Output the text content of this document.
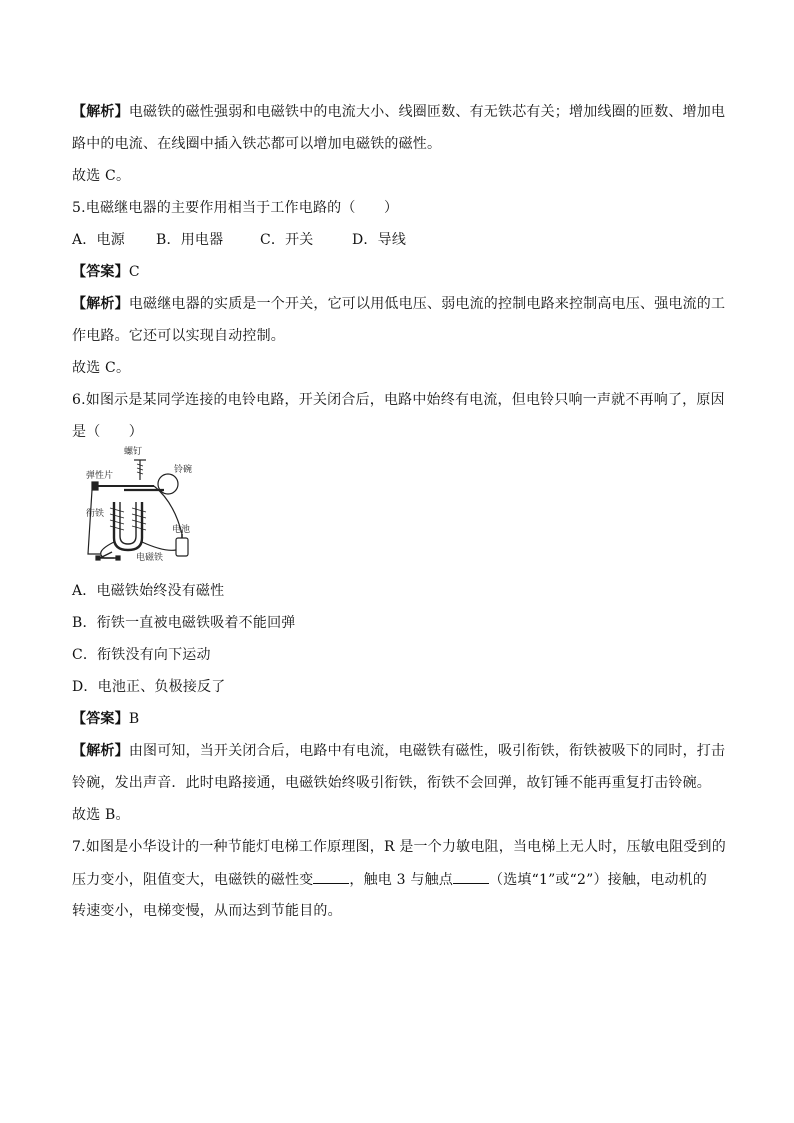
【解析】电磁铁的磁性强弱和电磁铁中的电流大小、线圈匝数、有无铁芯有关；增加线圈的匝数、增加电
路中的电流、在线圈中插入铁芯都可以增加电磁铁的磁性。
故选 C。
5.电磁继电器的主要作用相当于工作电路的（　　）
A．电源 B．用电器	C．开关	D．导线
【答案】C
【解析】电磁继电器的实质是一个开关，它可以用低电压、弱电流的控制电路来控制高电压、强电流的工
作电路。它还可以实现自动控制。
故选 C。
6.如图示是某同学连接的电铃电路，开关闭合后，电路中始终有电流，但电铃只响一声就不再响了，原因
是（　　）
螺钉
弹性片
铃碗
衔铁
电池
电磁铁
A．电磁铁始终没有磁性
B．衔铁一直被电磁铁吸着不能回弹
C．衔铁没有向下运动
D．电池正、负极接反了
【答案】B
【解析】由图可知，当开关闭合后，电路中有电流，电磁铁有磁性，吸引衔铁，衔铁被吸下的同时，打击
铃碗，发出声音．此时电路接通，电磁铁始终吸引衔铁，衔铁不会回弹，故钉锤不能再重复打击铃碗。
故选 B。
7.如图是小华设计的一种节能灯电梯工作原理图，R 是一个力敏电阻，当电梯上无人时，压敏电阻受到的
压力变小，阻值变大，电磁铁的磁性变	，触电 3 与触点	（选填“1”或“2”）接触，电动机的
转速变小，电梯变慢，从而达到节能目的。
